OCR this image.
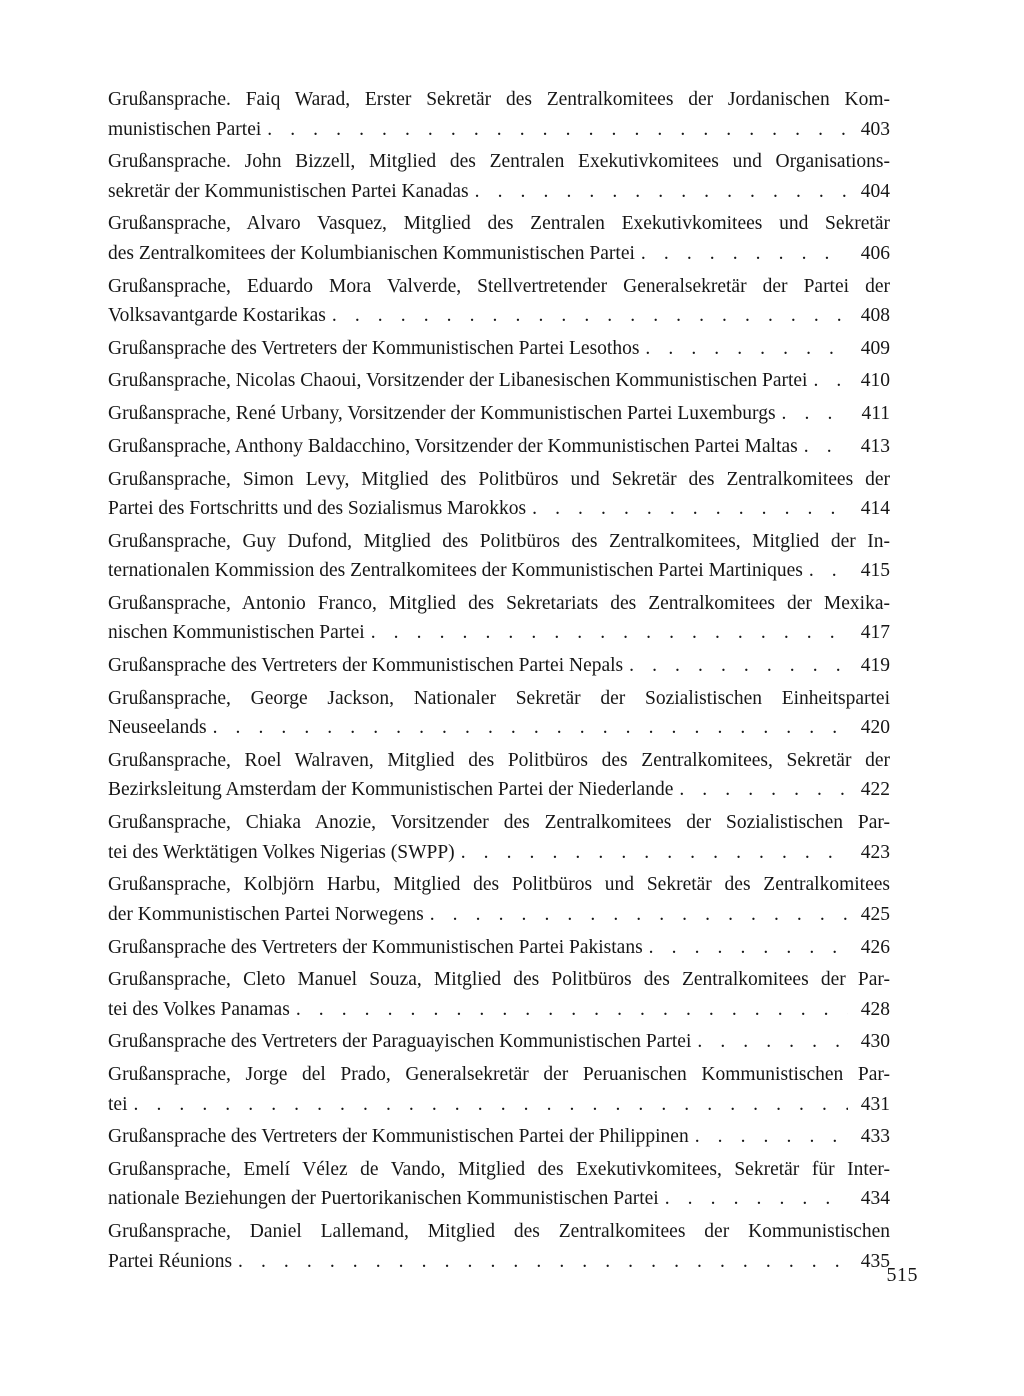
Grußansprache. Faiq Warad, Erster Sekretär des Zentralkomitees der Jordanischen Kom-
munistischen Partei . . .	403
Grußansprache. John Bizzell, Mitglied des Zentralen Exekutivkomitees und Organisations-
sekretär der Kommunistischen Partei Kanadas . . .	404
Grußansprache, Alvaro Vasquez, Mitglied des Zentralen Exekutivkomitees und Sekretär
des Zentralkomitees der Kolumbianischen Kommunistischen Partei . . .	406
Grußansprache, Eduardo Mora Valverde, Stellvertretender Generalsekretär der Partei der
Volksavantgarde Kostarikas . . .	408
Grußansprache des Vertreters der Kommunistischen Partei Lesothos . . .	409
Grußansprache, Nicolas Chaoui, Vorsitzender der Libanesischen Kommunistischen Partei . . .	410
Grußansprache, René Urbany, Vorsitzender der Kommunistischen Partei Luxemburgs . . .	411
Grußansprache, Anthony Baldacchino, Vorsitzender der Kommunistischen Partei Maltas . . .	413
Grußansprache, Simon Levy, Mitglied des Politbüros und Sekretär des Zentralkomitees der
Partei des Fortschritts und des Sozialismus Marokkos . . .	414
Grußansprache, Guy Dufond, Mitglied des Politbüros des Zentralkomitees, Mitglied der In-
ternationalen Kommission des Zentralkomitees der Kommunistischen Partei Martiniques . . .	415
Grußansprache, Antonio Franco, Mitglied des Sekretariats des Zentralkomitees der Mexika-
nischen Kommunistischen Partei . . .	417
Grußansprache des Vertreters der Kommunistischen Partei Nepals . . .	419
Grußansprache, George Jackson, Nationaler Sekretär der Sozialistischen Einheitspartei
Neuseelands . . .	420
Grußansprache, Roel Walraven, Mitglied des Politbüros des Zentralkomitees, Sekretär der
Bezirksleitung Amsterdam der Kommunistischen Partei der Niederlande . . .	422
Grußansprache, Chiaka Anozie, Vorsitzender des Zentralkomitees der Sozialistischen Par-
tei des Werktätigen Volkes Nigerias (SWPP) . . .	423
Grußansprache, Kolbjörn Harbu, Mitglied des Politbüros und Sekretär des Zentralkomitees
der Kommunistischen Partei Norwegens . . .	425
Grußansprache des Vertreters der Kommunistischen Partei Pakistans . . .	426
Grußansprache, Cleto Manuel Souza, Mitglied des Politbüros des Zentralkomitees der Par-
tei des Volkes Panamas . . .	428
Grußansprache des Vertreters der Paraguayischen Kommunistischen Partei . . .	430
Grußansprache, Jorge del Prado, Generalsekretär der Peruanischen Kommunistischen Par-
tei . . .	431
Grußansprache des Vertreters der Kommunistischen Partei der Philippinen . . .	433
Grußansprache, Emelí Vélez de Vando, Mitglied des Exekutivkomitees, Sekretär für Inter-
nationale Beziehungen der Puertorikanischen Kommunistischen Partei . . .	434
Grußansprache, Daniel Lallemand, Mitglied des Zentralkomitees der Kommunistischen
Partei Réunions . . .	435
515
